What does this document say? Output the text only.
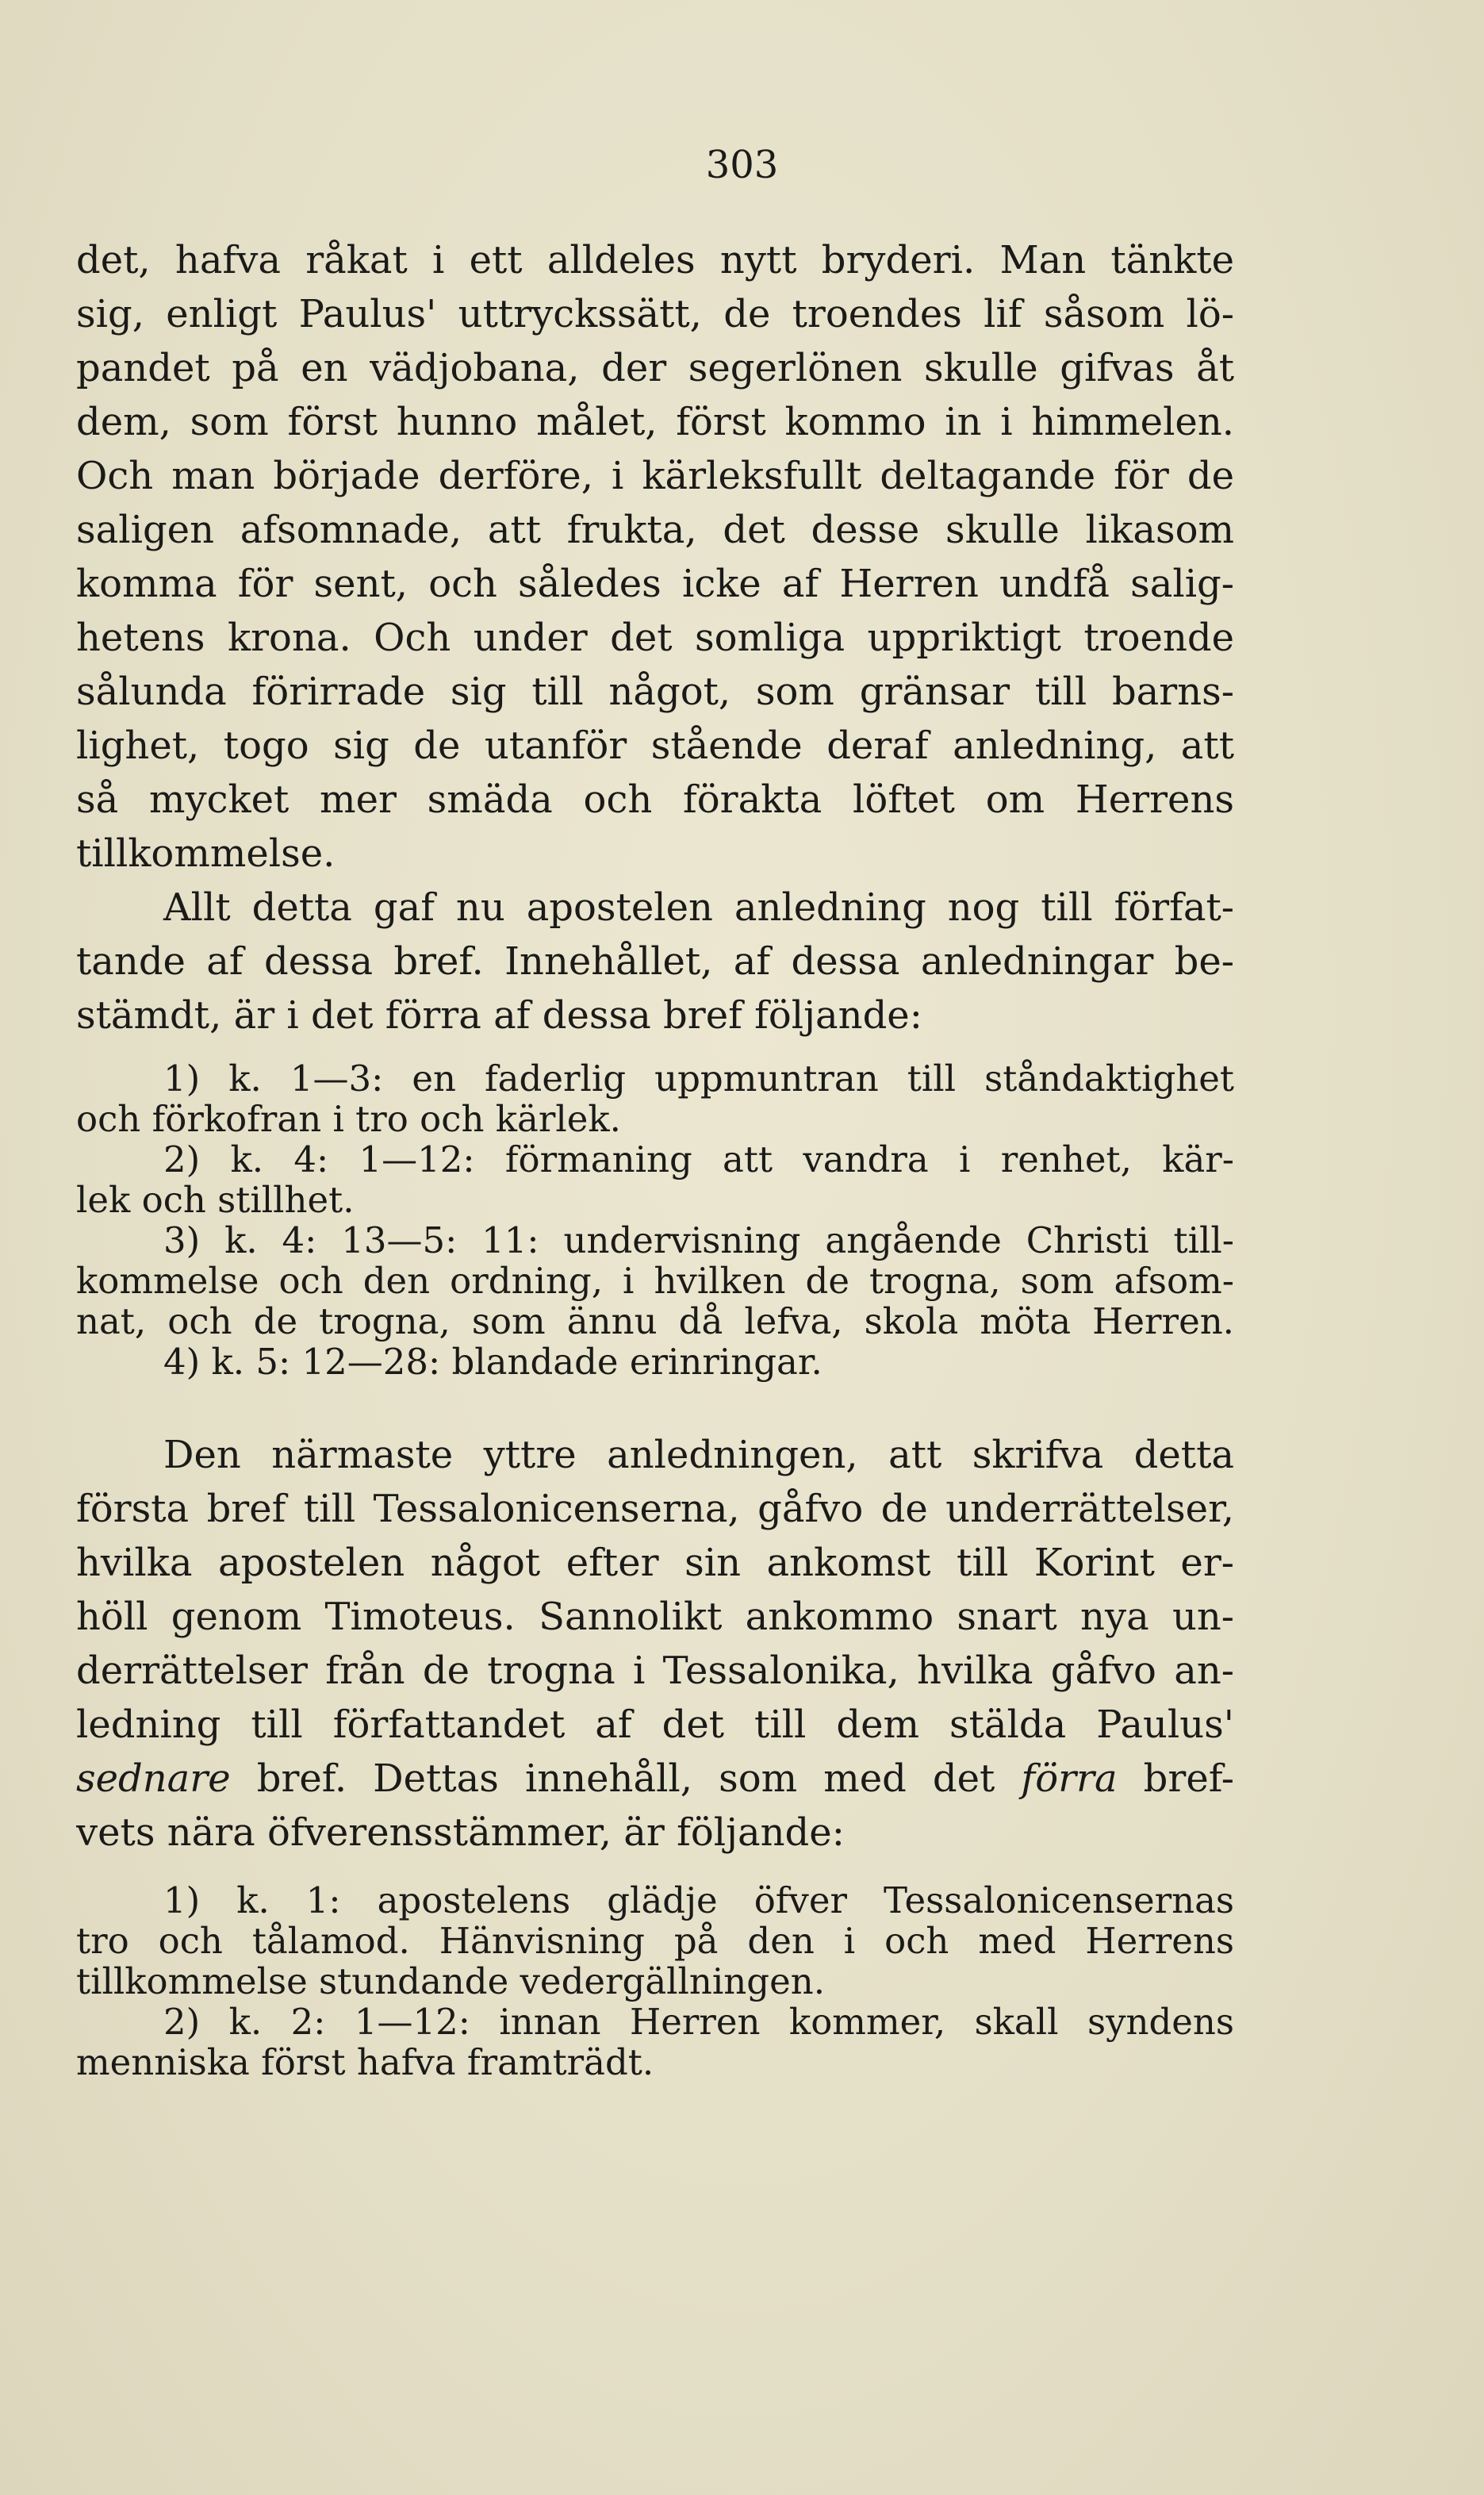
303
det, hafva råkat i ett alldeles nytt bryderi. Man tänkte
sig, enligt Paulus' uttryckssätt, de troendes lif såsom lö-
pandet på en vädjobana, der segerlönen skulle gifvas åt
dem, som först hunno målet, först kommo in i himmelen.
Och man började derföre, i kärleksfullt deltagande för de
saligen afsomnade, att frukta, det desse skulle likasom
komma för sent, och således icke af Herren undfå salig-
hetens krona. Och under det somliga uppriktigt troende
sålunda förirrade sig till något, som gränsar till barns-
lighet, togo sig de utanför stående deraf anledning, att
så mycket mer smäda och förakta löftet om Herrens
tillkommelse.
Allt detta gaf nu apostelen anledning nog till förfat-
tande af dessa bref. Innehållet, af dessa anledningar be-
stämdt, är i det förra af dessa bref följande:
1) k. 1—3: en faderlig uppmuntran till ståndaktighet
och förkofran i tro och kärlek.
2) k. 4: 1—12: förmaning att vandra i renhet, kär-
lek och stillhet.
3) k. 4: 13—5: 11: undervisning angående Christi till-
kommelse och den ordning, i hvilken de trogna, som afsom-
nat, och de trogna, som ännu då lefva, skola möta Herren.
4) k. 5: 12—28: blandade erinringar.
Den närmaste yttre anledningen, att skrifva detta
första bref till Tessalonicenserna, gåfvo de underrättelser,
hvilka apostelen något efter sin ankomst till Korint er-
höll genom Timoteus. Sannolikt ankommo snart nya un-
derrättelser från de trogna i Tessalonika, hvilka gåfvo an-
ledning till författandet af det till dem stälda Paulus'
sednare bref. Dettas innehåll, som med det förra bref-
vets nära öfverensstämmer, är följande:
1) k. 1: apostelens glädje öfver Tessalonicensernas
tro och tålamod. Hänvisning på den i och med Herrens
tillkommelse stundande vedergällningen.
2) k. 2: 1—12: innan Herren kommer, skall syndens
menniska först hafva framträdt.
